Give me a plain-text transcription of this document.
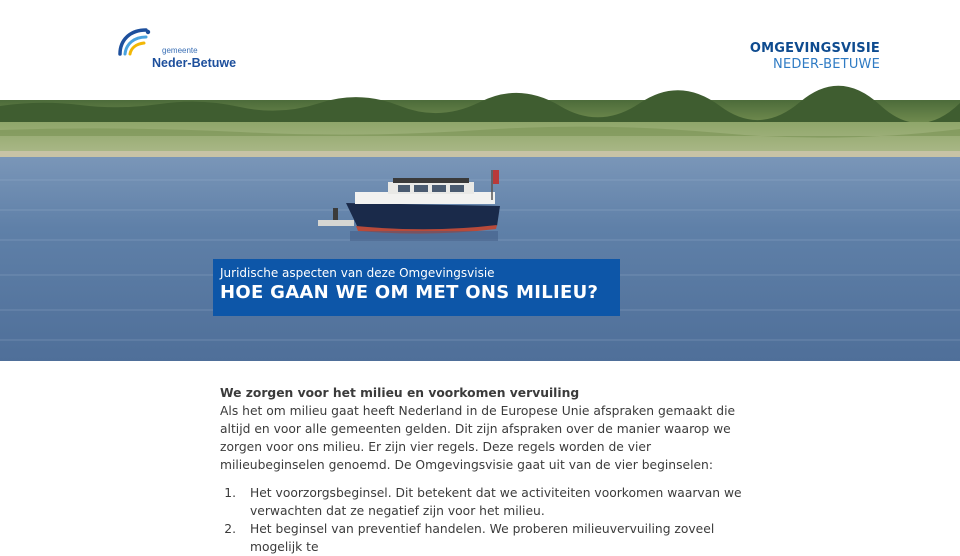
gemeente
Neder-Betuwe
OMGEVINGSVISIE
NEDER-BETUWE
Juridische aspecten van deze Omgevingsvisie
HOE GAAN WE OM MET ONS MILIEU?
We zorgen voor het milieu en voorkomen vervuiling

Als het om milieu gaat heeft Nederland in de Europese Unie afspraken gemaakt die altijd en voor alle gemeenten gelden. Dit zijn afspraken over de manier waarop we zorgen voor ons milieu. Er zijn vier regels. Deze regels worden de vier milieubeginselen genoemd. De Omgevingsvisie gaat uit van de vier beginselen:

1. Het voorzorgsbeginsel. Dit betekent dat we activiteiten voorkomen waarvan we verwachten dat ze negatief zijn voor het milieu.
2. Het beginsel van preventief handelen. We proberen milieuvervuiling zoveel mogelijk te
